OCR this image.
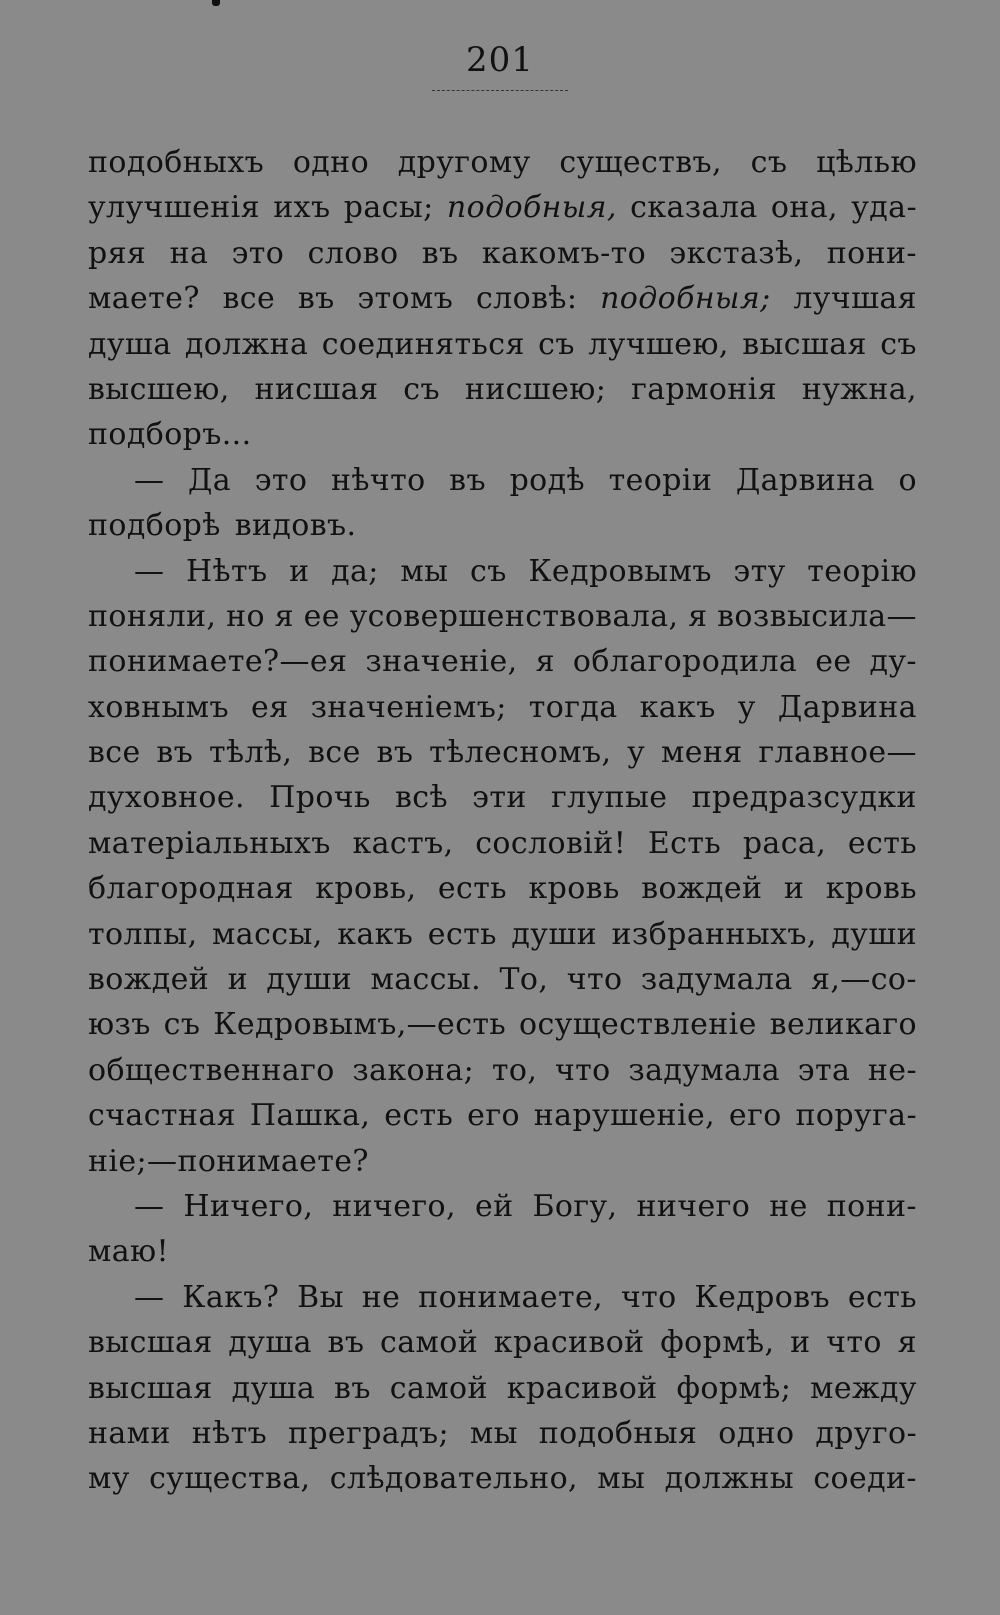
201
подобныхъ одно другому существъ, съ цѣлью
улучшенія ихъ расы; подобныя, сказала она, уда-
ряя на это слово въ какомъ-то экстазѣ, пони-
маете? все въ этомъ словѣ: подобныя; лучшая
душа должна соединяться съ лучшею, высшая съ
высшею, нисшая съ нисшею; гармонія нужна,
подборъ...
— Да это нѣчто въ родѣ теоріи Дарвина о
подборѣ видовъ.
— Нѣтъ и да; мы съ Кедровымъ эту теорію
поняли, но я ее усовершенствовала, я возвысила—
понимаете?—ея значеніе, я облагородила ее ду-
ховнымъ ея значеніемъ; тогда какъ у Дарвина
все въ тѣлѣ, все въ тѣлесномъ, у меня главное—
духовное. Прочь всѣ эти глупые предразсудки
матеріальныхъ кастъ, сословій! Есть раса, есть
благородная кровь, есть кровь вождей и кровь
толпы, массы, какъ есть души избранныхъ, души
вождей и души массы. То, что задумала я,—со-
юзъ съ Кедровымъ,—есть осуществленіе великаго
общественнаго закона; то, что задумала эта не-
счастная Пашка, есть его нарушеніе, его поруга-
ніе;—понимаете?
— Ничего, ничего, ей Богу, ничего не пони-
маю!
— Какъ? Вы не понимаете, что Кедровъ есть
высшая душа въ самой красивой формѣ, и что я
высшая душа въ самой красивой формѣ; между
нами нѣтъ преградъ; мы подобныя одно друго-
му существа, слѣдовательно, мы должны соеди-
